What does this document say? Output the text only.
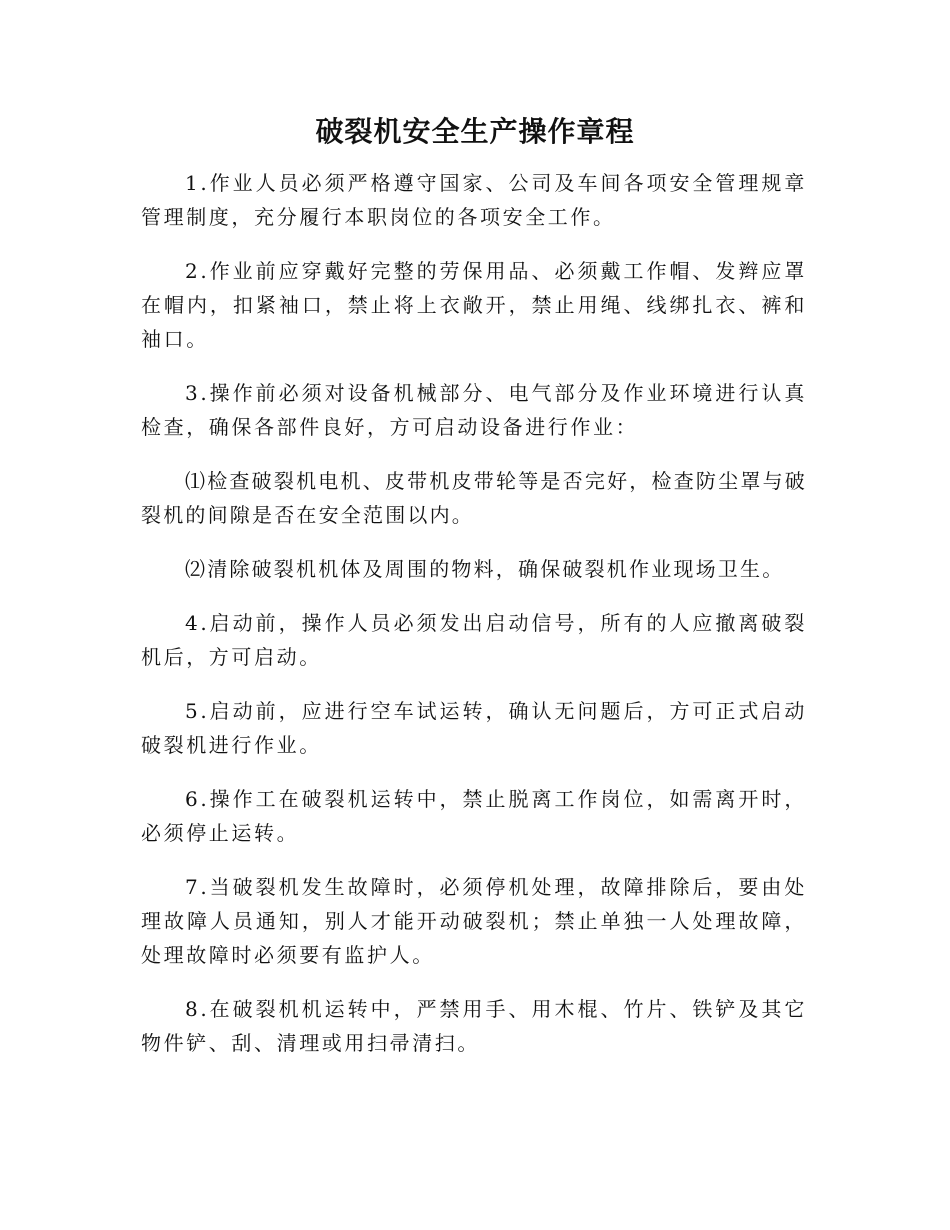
破裂机安全生产操作章程

1.作业人员必须严格遵守国家、公司及车间各项安全管理规章管理制度，充分履行本职岗位的各项安全工作。

2.作业前应穿戴好完整的劳保用品、必须戴工作帽、发辫应罩在帽内，扣紧袖口，禁止将上衣敞开，禁止用绳、线绑扎衣、裤和袖口。

3.操作前必须对设备机械部分、电气部分及作业环境进行认真检查，确保各部件良好，方可启动设备进行作业：

⑴检查破裂机电机、皮带机皮带轮等是否完好，检查防尘罩与破裂机的间隙是否在安全范围以内。

⑵清除破裂机机体及周围的物料，确保破裂机作业现场卫生。

4.启动前，操作人员必须发出启动信号，所有的人应撤离破裂机后，方可启动。

5.启动前，应进行空车试运转，确认无问题后，方可正式启动破裂机进行作业。

6.操作工在破裂机运转中，禁止脱离工作岗位，如需离开时，必须停止运转。

7.当破裂机发生故障时，必须停机处理，故障排除后，要由处理故障人员通知，别人才能开动破裂机；禁止单独一人处理故障，处理故障时必须要有监护人。

8.在破裂机机运转中，严禁用手、用木棍、竹片、铁铲及其它物件铲、刮、清理或用扫帚清扫。
